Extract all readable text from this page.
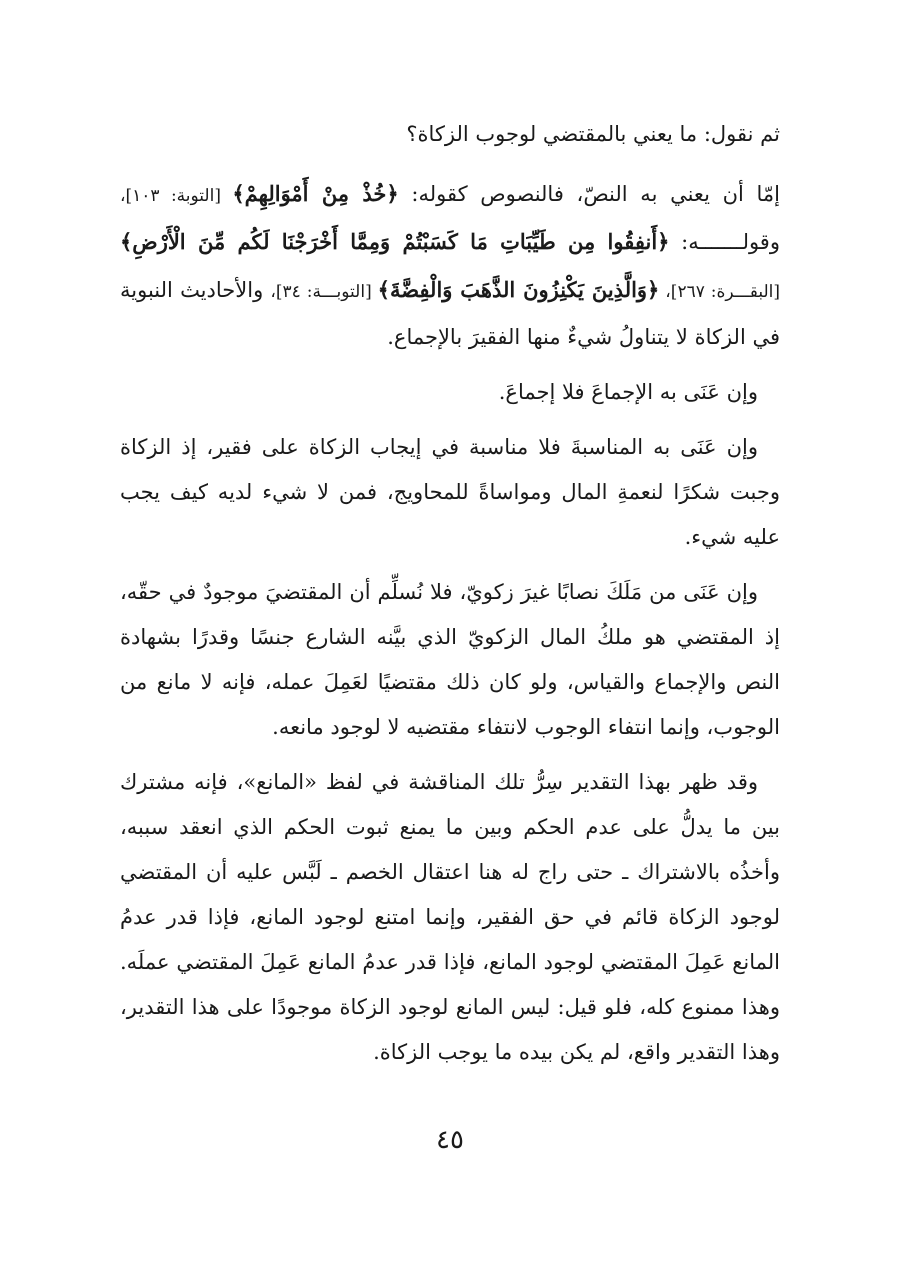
ثم نقول: ما يعني بالمقتضي لوجوب الزكاة؟

إمّا أن يعني به النصّ، فالنصوص كقوله: ﴿خُذْ مِنْ أَمْوَالِهِمْ﴾ [التوبة: ١٠٣]، وقولـــــــه: ﴿أَنفِقُوا مِن طَيِّبَاتِ مَا كَسَبْتُمْ وَمِمَّا أَخْرَجْنَا لَكُم مِّنَ الْأَرْضِ﴾ [البقـــرة: ٢٦٧]، ﴿وَالَّذِينَ يَكْنِزُونَ الذَّهَبَ وَالْفِضَّةَ﴾ [التوبـــة: ٣٤]، والأحاديث النبوية في الزكاة لا يتناولُ شيءٌ منها الفقيرَ بالإجماع.

وإن عَنَى به الإجماعَ فلا إجماعَ.

وإن عَنَى به المناسبةَ فلا مناسبة في إيجاب الزكاة على فقير، إذ الزكاة وجبت شكرًا لنعمةِ المال ومواساةً للمحاويج، فمن لا شيء لديه كيف يجب عليه شيء.

وإن عَنَى من مَلَكَ نصابًا غيرَ زكويّ، فلا نُسلِّم أن المقتضيَ موجودٌ في حقّه، إذ المقتضي هو ملكُ المال الزكويّ الذي بيَّنه الشارع جنسًا وقدرًا بشهادة النص والإجماع والقياس، ولو كان ذلك مقتضيًا لعَمِلَ عمله، فإنه لا مانع من الوجوب، وإنما انتفاء الوجوب لانتفاء مقتضيه لا لوجود مانعه.

وقد ظهر بهذا التقدير سِرُّ تلك المناقشة في لفظ «المانع»، فإنه مشترك بين ما يدلُّ على عدم الحكم وبين ما يمنع ثبوت الحكم الذي انعقد سببه، وأخذُه بالاشتراك ـ حتى راج له هنا اعتقال الخصم ـ لَبَّس عليه أن المقتضي لوجود الزكاة قائم في حق الفقير، وإنما امتنع لوجود المانع، فإذا قدر عدمُ المانع عَمِلَ المقتضي لوجود المانع، فإذا قدر عدمُ المانع عَمِلَ المقتضي عملَه. وهذا ممنوع كله، فلو قيل: ليس المانع لوجود الزكاة موجودًا على هذا التقدير، وهذا التقدير واقع، لم يكن بيده ما يوجب الزكاة.

٤٥
